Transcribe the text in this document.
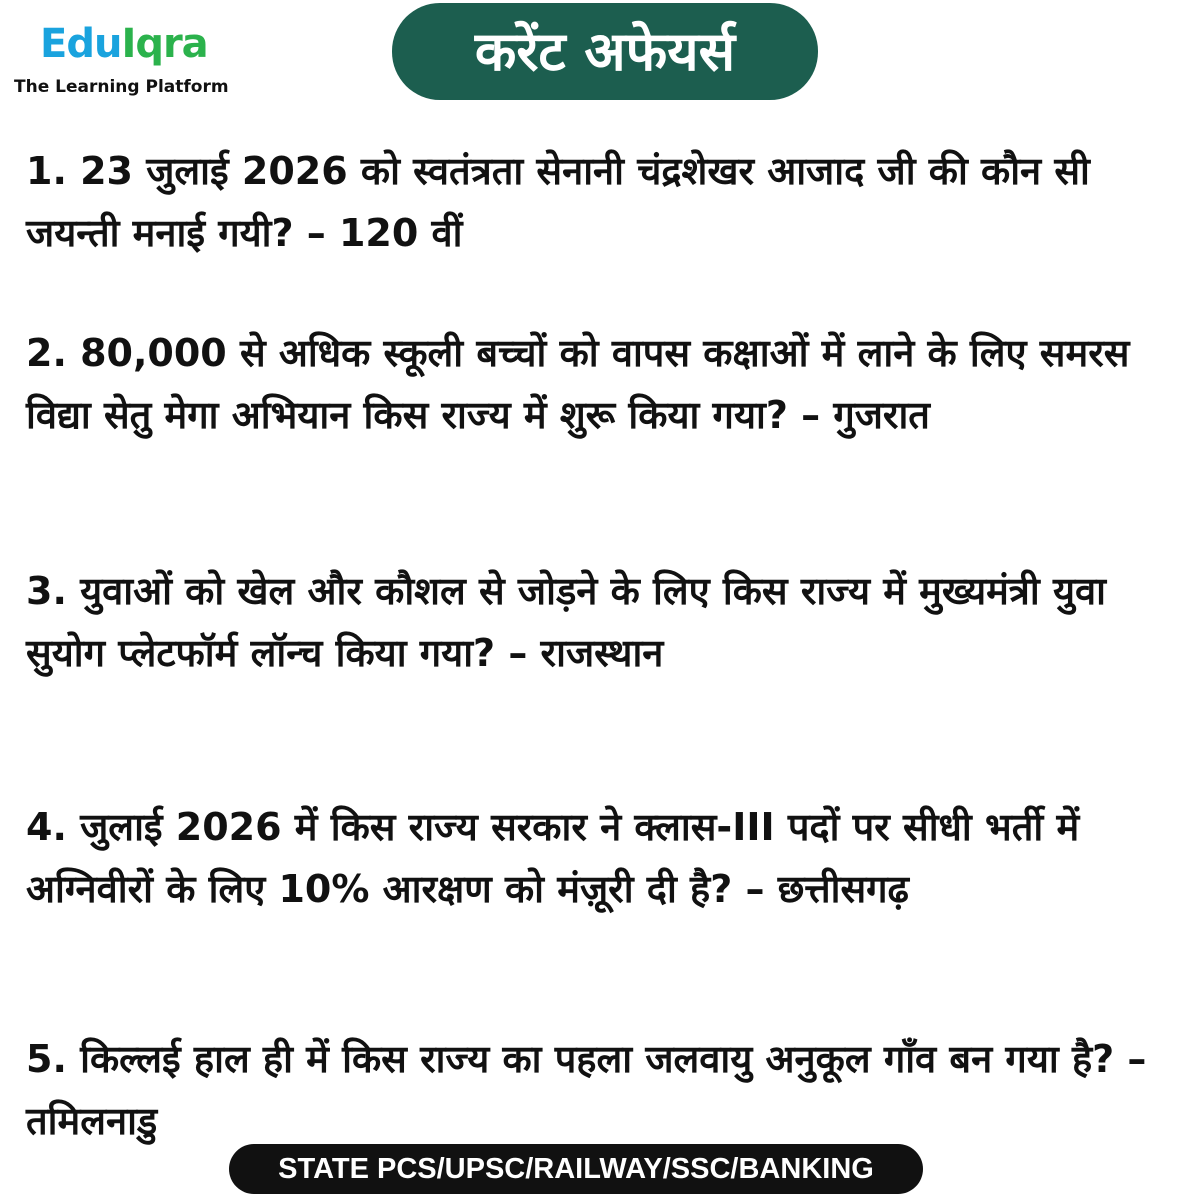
EduIqra
The Learning Platform
करेंट अफेयर्स

1. 23 जुलाई 2026 को स्वतंत्रता सेनानी चंद्रशेखर आजाद जी की कौन सी जयन्ती मनाई गयी? – 120 वीं

2. 80,000 से अधिक स्कूली बच्चों को वापस कक्षाओं में लाने के लिए समरस विद्या सेतु मेगा अभियान किस राज्य में शुरू किया गया? – गुजरात

3. युवाओं को खेल और कौशल से जोड़ने के लिए किस राज्य में मुख्यमंत्री युवा सुयोग प्लेटफॉर्म लॉन्च किया गया? – राजस्थान

4. जुलाई 2026 में किस राज्य सरकार ने क्लास-III पदों पर सीधी भर्ती में अग्निवीरों के लिए 10% आरक्षण को मंज़ूरी दी है? – छत्तीसगढ़

5. किल्लई हाल ही में किस राज्य का पहला जलवायु अनुकूल गाँव बन गया है? – तमिलनाडु

STATE PCS/UPSC/RAILWAY/SSC/BANKING
